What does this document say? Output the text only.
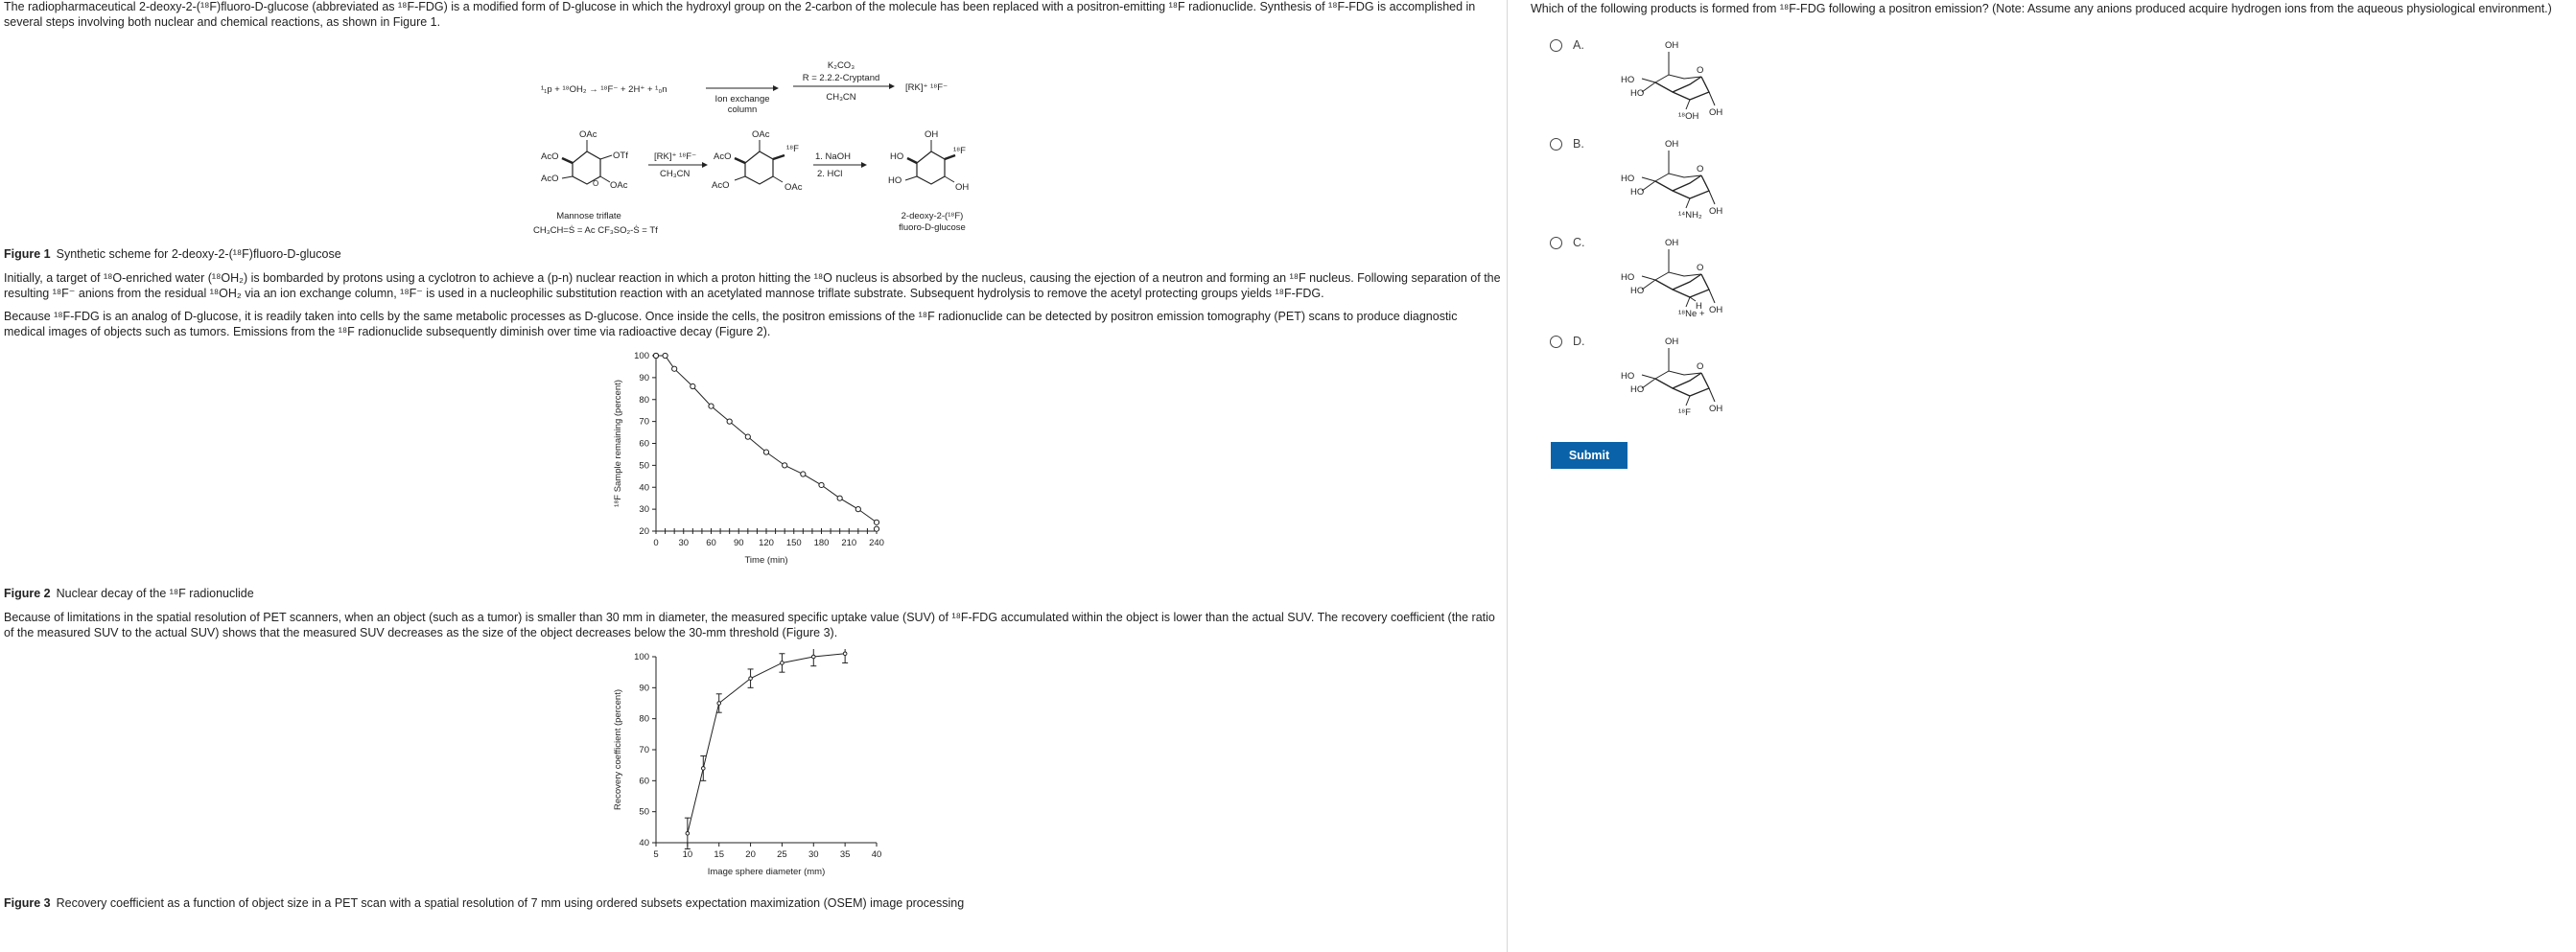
The radiopharmaceutical 2-deoxy-2-(¹⁸F)fluoro-D-glucose (abbreviated as ¹⁸F-FDG) is a modified form of D-glucose in which the hydroxyl group on the 2-carbon of the molecule has been replaced with a positron-emitting ¹⁸F radionuclide. Synthesis of ¹⁸F-FDG is accomplished in several steps involving both nuclear and chemical reactions, as shown in Figure 1.

¹₁p + ¹⁸OH₂ → ¹⁸F⁻ + 2H⁺ + ¹₀n
Ion exchange
column
K₂CO₃
R = 2.2.2-Cryptand
CH₃CN
[RK]⁺ ¹⁸F⁻
OAc
OTf
AcO
AcO
OAc
O
Mannose triflate
[RK]⁺ ¹⁸F⁻
CH₃CN
OAc
¹⁸F
AcO
AcO	OAc
1. NaOH
2. HCl
OH
¹⁸F
HO
HO
OH
2-deoxy-2-(¹⁸F)
fluoro-D-glucose
CH₃CH=Ṡ = Ac CF₃SO₂-Ṡ = Tf
Figure 1 Synthetic scheme for 2-deoxy-2-(¹⁸F)fluoro-D-glucose

Initially, a target of ¹⁸O-enriched water (¹⁸OH₂) is bombarded by protons using a cyclotron to achieve a (p-n) nuclear reaction in which a proton hitting the ¹⁸O nucleus is absorbed by the nucleus, causing the ejection of a neutron and forming an ¹⁸F nucleus. Following separation of the resulting ¹⁸F⁻ anions from the residual ¹⁸OH₂ via an ion exchange column, ¹⁸F⁻ is used in a nucleophilic substitution reaction with an acetylated mannose triflate substrate. Subsequent hydrolysis to remove the acetyl protecting groups yields ¹⁸F-FDG.

Because ¹⁸F-FDG is an analog of D-glucose, it is readily taken into cells by the same metabolic processes as D-glucose. Once inside the cells, the positron emissions of the ¹⁸F radionuclide can be detected by positron emission tomography (PET) scans to produce diagnostic medical images of objects such as tumors. Emissions from the ¹⁸F radionuclide subsequently diminish over time via radioactive decay (Figure 2).

20
30
40
50
60
70
80
90
100
0 30 60 90 120 150 180 210 240
Time (min)
¹⁸F Sample remaining (percent)
Figure 2 Nuclear decay of the ¹⁸F radionuclide

Because of limitations in the spatial resolution of PET scanners, when an object (such as a tumor) is smaller than 30 mm in diameter, the measured specific uptake value (SUV) of ¹⁸F-FDG accumulated within the object is lower than the actual SUV. The recovery coefficient (the ratio of the measured SUV to the actual SUV) shows that the measured SUV decreases as the size of the object decreases below the 30-mm threshold (Figure 3).

40
50
60
70
80
90
100
5	10 15 20 25 30 35 40
Image sphere diameter (mm)
Recovery coefficient (percent)
Figure 3 Recovery coefficient as a function of object size in a PET scan with a spatial resolution of 7 mm using ordered subsets expectation maximization (OSEM) image processing

Which of the following products is formed from ¹⁸F-FDG following a positron emission? (Note: Assume any anions produced acquire hydrogen ions from the aqueous physiological environment.)

A.	OH
O
HO
HO
OH
¹⁸OH
B.	OH
O
HO
HO
OH
¹⁴NH₂
C.	OH
O
HO
HO
OH
¹⁸Ne +
H
D.	OH
O
HO
HO
OH
¹⁸F
Submit
